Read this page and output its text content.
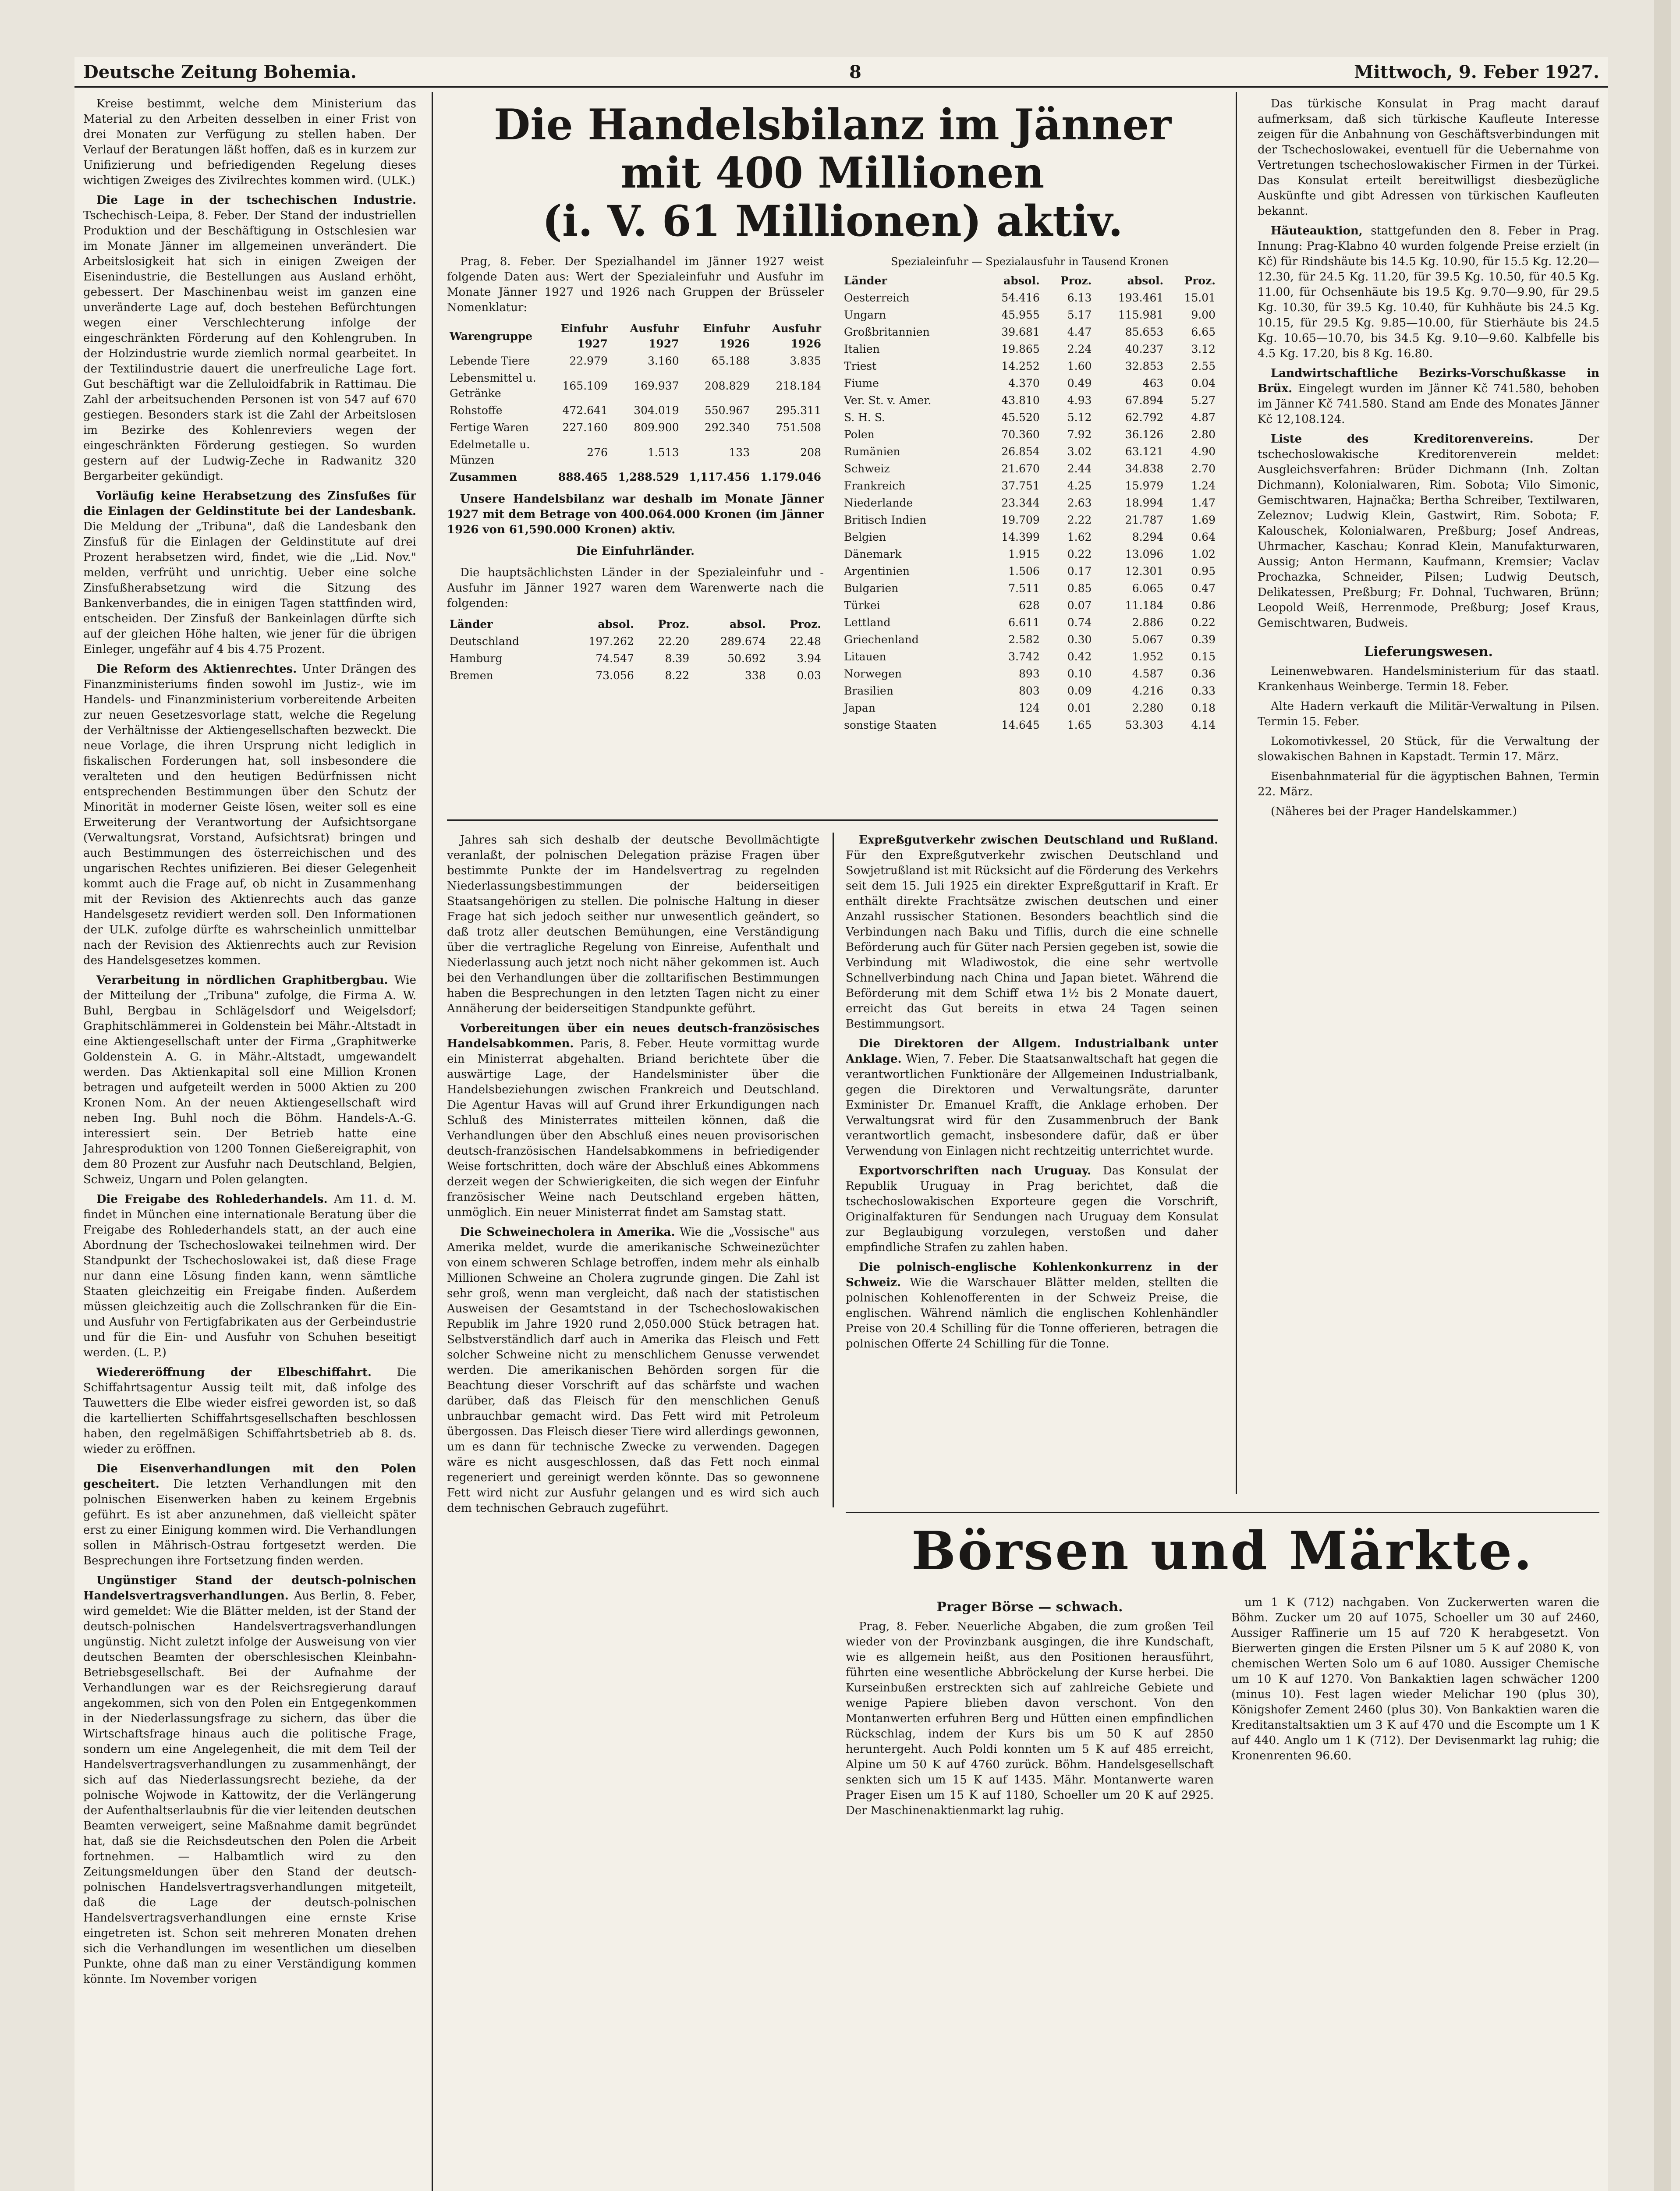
Deutsche Zeitung Bohemia.	8	Mittwoch, 9. Feber 1927.

Kreise bestimmt, welche dem Ministerium das Material zu den Arbeiten desselben in einer Frist von drei Monaten zur Verfügung zu stellen haben. Der Verlauf der Beratungen läßt hoffen, daß es in kurzem zur Unifizierung und befriedigenden Regelung dieses wichtigen Zweiges des Zivilrechtes kommen wird. (ULK.)

Die Lage in der tschechischen Industrie. Tschechisch-Leipa, 8. Feber. Der Stand der industriellen Produktion und der Beschäftigung in Ostschlesien war im Monate Jänner im allgemeinen unverändert. Die Arbeitslosigkeit hat sich in einigen Zweigen der Eisenindustrie, die Bestellungen aus Ausland erhöht, gebessert. Der Maschinenbau weist im ganzen eine unveränderte Lage auf, doch bestehen Befürchtungen wegen einer Verschlechterung infolge der eingeschränkten Förderung auf den Kohlengruben. In der Holzindustrie wurde ziemlich normal gearbeitet. In der Textilindustrie dauert die unerfreuliche Lage fort. Gut beschäftigt war die Zelluloidfabrik in Rattimau. Die Zahl der arbeitsuchenden Personen ist von 547 auf 670 gestiegen. Besonders stark ist die Zahl der Arbeitslosen im Bezirke des Kohlenreviers wegen der eingeschränkten Förderung gestiegen. So wurden gestern auf der Ludwig-Zeche in Radwanitz 320 Bergarbeiter gekündigt.

Vorläufig keine Herabsetzung des Zinsfußes für die Einlagen der Geldinstitute bei der Landesbank. Die Meldung der „Tribuna", daß die Landesbank den Zinsfuß für die Einlagen der Geldinstitute auf drei Prozent herabsetzen wird, findet, wie die „Lid. Nov." melden, verfrüht und unrichtig. Ueber eine solche Zinsfußherabsetzung wird die Sitzung des Bankenverbandes, die in einigen Tagen stattfinden wird, entscheiden. Der Zinsfuß der Bankeinlagen dürfte sich auf der gleichen Höhe halten, wie jener für die übrigen Einleger, ungefähr auf 4 bis 4.75 Prozent.

Die Reform des Aktienrechtes. Unter Drängen des Finanzministeriums finden sowohl im Justiz-, wie im Handels- und Finanzministerium vorbereitende Arbeiten zur neuen Gesetzesvorlage statt, welche die Regelung der Verhältnisse der Aktiengesellschaften bezweckt. Die neue Vorlage, die ihren Ursprung nicht lediglich in fiskalischen Forderungen hat, soll insbesondere die veralteten und den heutigen Bedürfnissen nicht entsprechenden Bestimmungen über den Schutz der Minorität in moderner Geiste lösen, weiter soll es eine Erweiterung der Verantwortung der Aufsichtsorgane (Verwaltungsrat, Vorstand, Aufsichtsrat) bringen und auch Bestimmungen des österreichischen und des ungarischen Rechtes unifizieren. Bei dieser Gelegenheit kommt auch die Frage auf, ob nicht in Zusammenhang mit der Revision des Aktienrechts auch das ganze Handelsgesetz revidiert werden soll. Den Informationen der ULK. zufolge dürfte es wahrscheinlich unmittelbar nach der Revision des Aktienrechts auch zur Revision des Handelsgesetzes kommen.

Verarbeitung in nördlichen Graphitbergbau. Wie der Mitteilung der „Tribuna" zufolge, die Firma A. W. Buhl, Bergbau in Schlägelsdorf und Weigelsdorf; Graphitschlämmerei in Goldenstein bei Mähr.-Altstadt in eine Aktiengesellschaft unter der Firma „Graphitwerke Goldenstein A. G. in Mähr.-Altstadt, umgewandelt werden. Das Aktienkapital soll eine Million Kronen betragen und aufgeteilt werden in 5000 Aktien zu 200 Kronen Nom. An der neuen Aktiengesellschaft wird neben Ing. Buhl noch die Böhm. Handels-A.-G. interessiert sein. Der Betrieb hatte eine Jahresproduktion von 1200 Tonnen Gießereigraphit, von dem 80 Prozent zur Ausfuhr nach Deutschland, Belgien, Schweiz, Ungarn und Polen gelangten.

Die Freigabe des Rohlederhandels. Am 11. d. M. findet in München eine internationale Beratung über die Freigabe des Rohlederhandels statt, an der auch eine Abordnung der Tschechoslowakei teilnehmen wird. Der Standpunkt der Tschechoslowakei ist, daß diese Frage nur dann eine Lösung finden kann, wenn sämtliche Staaten gleichzeitig ein Freigabe finden. Außerdem müssen gleichzeitig auch die Zollschranken für die Ein- und Ausfuhr von Fertigfabrikaten aus der Gerbeindustrie und für die Ein- und Ausfuhr von Schuhen beseitigt werden. (L. P.)

Wiedereröffnung der Elbeschiffahrt. Die Schiffahrtsagentur Aussig teilt mit, daß infolge des Tauwetters die Elbe wieder eisfrei geworden ist, so daß die kartellierten Schiffahrtsgesellschaften beschlossen haben, den regelmäßigen Schiffahrtsbetrieb ab 8. ds. wieder zu eröffnen.

Die Eisenverhandlungen mit den Polen gescheitert. Die letzten Verhandlungen mit den polnischen Eisenwerken haben zu keinem Ergebnis geführt. Es ist aber anzunehmen, daß vielleicht später erst zu einer Einigung kommen wird. Die Verhandlungen sollen in Mährisch-Ostrau fortgesetzt werden. Die Besprechungen ihre Fortsetzung finden werden.

Ungünstiger Stand der deutsch-polnischen Handelsvertragsverhandlungen. Aus Berlin, 8. Feber, wird gemeldet: Wie die Blätter melden, ist der Stand der deutsch-polnischen Handelsvertragsverhandlungen ungünstig. Nicht zuletzt infolge der Ausweisung von vier deutschen Beamten der oberschlesischen Kleinbahn-Betriebsgesellschaft. Bei der Aufnahme der Verhandlungen war es der Reichsregierung darauf angekommen, sich von den Polen ein Entgegenkommen in der Niederlassungsfrage zu sichern, das über die Wirtschaftsfrage hinaus auch die politische Frage, sondern um eine Angelegenheit, die mit dem Teil der Handelsvertragsverhandlungen zu zusammenhängt, der sich auf das Niederlassungsrecht beziehe, da der polnische Wojwode in Kattowitz, der die Verlängerung der Aufenthaltserlaubnis für die vier leitenden deutschen Beamten verweigert, seine Maßnahme damit begründet hat, daß sie die Reichsdeutschen den Polen die Arbeit fortnehmen. — Halbamtlich wird zu den Zeitungsmeldungen über den Stand der deutsch-polnischen Handelsvertragsverhandlungen mitgeteilt, daß die Lage der deutsch-polnischen Handelsvertragsverhandlungen eine ernste Krise eingetreten ist. Schon seit mehreren Monaten drehen sich die Verhandlungen im wesentlichen um dieselben Punkte, ohne daß man zu einer Verständigung kommen könnte. Im November vorigen

Die Handelsbilanz im Jänner mit 400 Millionen
(i. V. 61 Millionen) aktiv.

Prag, 8. Feber. Der Spezialhandel im Jänner 1927 weist folgende Daten aus: Wert der Spezialeinfuhr und Ausfuhr im Monate Jänner 1927 und 1926 nach Gruppen der Brüsseler Nomenklatur:

Warengruppe	Einfuhr 1927	Ausfuhr 1927	Einfuhr 1926	Ausfuhr 1926
Lebende Tiere	22.979	3.160	65.188	3.835
Lebensmittel u. Getränke	165.109	169.937	208.829	218.184
Rohstoffe	472.641	304.019	550.967	295.311
Fertige Waren	227.160	809.900	292.340	751.508
Edelmetalle u. Münzen	276	1.513	133	208
Zusammen	888.465	1,288.529	1,117.456	1.179.046

Unsere Handelsbilanz war deshalb im Monate Jänner 1927 mit dem Betrage von 400.064.000 Kronen (im Jänner 1926 von 61,590.000 Kronen) aktiv.

Die Einfuhrländer.

Die hauptsächlichsten Länder in der Spezialeinfuhr und -Ausfuhr im Jänner 1927 waren dem Warenwerte nach die folgenden:

Länder	absol.	Proz.	absol.	Proz.
Deutschland	197.262	22.20	289.674	22.48
Hamburg	74.547	8.39	50.692	3.94
Bremen	73.056	8.22	338	0.03
Spezialeinfuhr — Spezialausfuhr in Tausend Kronen
Länder	absol.	Proz.	absol.	Proz.
Oesterreich	54.416	6.13	193.461	15.01
Ungarn	45.955	5.17	115.981	9.00
Großbritannien	39.681	4.47	85.653	6.65
Italien	19.865	2.24	40.237	3.12
Triest	14.252	1.60	32.853	2.55
Fiume	4.370	0.49	463	0.04
Ver. St. v. Amer.	43.810	4.93	67.894	5.27
S. H. S.	45.520	5.12	62.792	4.87
Polen	70.360	7.92	36.126	2.80
Rumänien	26.854	3.02	63.121	4.90
Schweiz	21.670	2.44	34.838	2.70
Frankreich	37.751	4.25	15.979	1.24
Niederlande	23.344	2.63	18.994	1.47
Britisch Indien	19.709	2.22	21.787	1.69
Belgien	14.399	1.62	8.294	0.64
Dänemark	1.915	0.22	13.096	1.02
Argentinien	1.506	0.17	12.301	0.95
Bulgarien	7.511	0.85	6.065	0.47
Türkei	628	0.07	11.184	0.86
Lettland	6.611	0.74	2.886	0.22
Griechenland	2.582	0.30	5.067	0.39
Litauen	3.742	0.42	1.952	0.15
Norwegen	893	0.10	4.587	0.36
Brasilien	803	0.09	4.216	0.33
Japan	124	0.01	2.280	0.18
sonstige Staaten	14.645	1.65	53.303	4.14

Jahres sah sich deshalb der deutsche Bevollmächtigte veranlaßt, der polnischen Delegation präzise Fragen über bestimmte Punkte der im Handelsvertrag zu regelnden Niederlassungsbestimmungen der beiderseitigen Staatsangehörigen zu stellen. Die polnische Haltung in dieser Frage hat sich jedoch seither nur unwesentlich geändert, so daß trotz aller deutschen Bemühungen, eine Verständigung über die vertragliche Regelung von Einreise, Aufenthalt und Niederlassung auch jetzt noch nicht näher gekommen ist. Auch bei den Verhandlungen über die zolltarifischen Bestimmungen haben die Besprechungen in den letzten Tagen nicht zu einer Annäherung der beiderseitigen Standpunkte geführt.

Vorbereitungen über ein neues deutsch-französisches Handelsabkommen. Paris, 8. Feber. Heute vormittag wurde ein Ministerrat abgehalten. Briand berichtete über die auswärtige Lage, der Handelsminister über die Handelsbeziehungen zwischen Frankreich und Deutschland. Die Agentur Havas will auf Grund ihrer Erkundigungen nach Schluß des Ministerrates mitteilen können, daß die Verhandlungen über den Abschluß eines neuen provisorischen deutsch-französischen Handelsabkommens in befriedigender Weise fortschritten, doch wäre der Abschluß eines Abkommens derzeit wegen der Schwierigkeiten, die sich wegen der Einfuhr französischer Weine nach Deutschland ergeben hätten, unmöglich. Ein neuer Ministerrat findet am Samstag statt.

Die Schweinecholera in Amerika. Wie die „Vossische" aus Amerika meldet, wurde die amerikanische Schweinezüchter von einem schweren Schlage betroffen, indem mehr als einhalb Millionen Schweine an Cholera zugrunde gingen. Die Zahl ist sehr groß, wenn man vergleicht, daß nach der statistischen Ausweisen der Gesamtstand in der Tschechoslowakischen Republik im Jahre 1920 rund 2,050.000 Stück betragen hat. Selbstverständlich darf auch in Amerika das Fleisch und Fett solcher Schweine nicht zu menschlichem Genusse verwendet werden. Die amerikanischen Behörden sorgen für die Beachtung dieser Vorschrift auf das schärfste und wachen darüber, daß das Fleisch für den menschlichen Genuß unbrauchbar gemacht wird. Das Fett wird mit Petroleum übergossen. Das Fleisch dieser Tiere wird allerdings gewonnen, um es dann für technische Zwecke zu verwenden. Dagegen wäre es nicht ausgeschlossen, daß das Fett noch einmal regeneriert und gereinigt werden könnte. Das so gewonnene Fett wird nicht zur Ausfuhr gelangen und es wird sich auch dem technischen Gebrauch zugeführt.

Expreßgutverkehr zwischen Deutschland und Rußland. Für den Expreßgutverkehr zwischen Deutschland und Sowjetrußland ist mit Rücksicht auf die Förderung des Verkehrs seit dem 15. Juli 1925 ein direkter Expreßguttarif in Kraft. Er enthält direkte Frachtsätze zwischen deutschen und einer Anzahl russischer Stationen. Besonders beachtlich sind die Verbindungen nach Baku und Tiflis, durch die eine schnelle Beförderung auch für Güter nach Persien gegeben ist, sowie die Verbindung mit Wladiwostok, die eine sehr wertvolle Schnellverbindung nach China und Japan bietet. Während die Beförderung mit dem Schiff etwa 1½ bis 2 Monate dauert, erreicht das Gut bereits in etwa 24 Tagen seinen Bestimmungsort.

Die Direktoren der Allgem. Industrialbank unter Anklage. Wien, 7. Feber. Die Staatsanwaltschaft hat gegen die verantwortlichen Funktionäre der Allgemeinen Industrialbank, gegen die Direktoren und Verwaltungsräte, darunter Exminister Dr. Emanuel Krafft, die Anklage erhoben. Der Verwaltungsrat wird für den Zusammenbruch der Bank verantwortlich gemacht, insbesondere dafür, daß er über Verwendung von Einlagen nicht rechtzeitig unterrichtet wurde.

Exportvorschriften nach Uruguay. Das Konsulat der Republik Uruguay in Prag berichtet, daß die tschechoslowakischen Exporteure gegen die Vorschrift, Originalfakturen für Sendungen nach Uruguay dem Konsulat zur Beglaubigung vorzulegen, verstoßen und daher empfindliche Strafen zu zahlen haben.

Die polnisch-englische Kohlenkonkurrenz in der Schweiz. Wie die Warschauer Blätter melden, stellten die polnischen Kohlenofferenten in der Schweiz Preise, die englischen. Während nämlich die englischen Kohlenhändler Preise von 20.4 Schilling für die Tonne offerieren, betragen die polnischen Offerte 24 Schilling für die Tonne.

Das türkische Konsulat in Prag macht darauf aufmerksam, daß sich türkische Kaufleute Interesse zeigen für die Anbahnung von Geschäftsverbindungen mit der Tschechoslowakei, eventuell für die Uebernahme von Vertretungen tschechoslowakischer Firmen in der Türkei. Das Konsulat erteilt bereitwilligst diesbezügliche Auskünfte und gibt Adressen von türkischen Kaufleuten bekannt.

Häuteauktion, stattgefunden den 8. Feber in Prag. Innung: Prag-Klabno 40 wurden folgende Preise erzielt (in Kč) für Rindshäute bis 14.5 Kg. 10.90, für 15.5 Kg. 12.20—12.30, für 24.5 Kg. 11.20, für 39.5 Kg. 10.50, für 40.5 Kg. 11.00, für Ochsenhäute bis 19.5 Kg. 9.70—9.90, für 29.5 Kg. 10.30, für 39.5 Kg. 10.40, für Kuhhäute bis 24.5 Kg. 10.15, für 29.5 Kg. 9.85—10.00, für Stierhäute bis 24.5 Kg. 10.65—10.70, bis 34.5 Kg. 9.10—9.60. Kalbfelle bis 4.5 Kg. 17.20, bis 8 Kg. 16.80.

Landwirtschaftliche Bezirks-Vorschußkasse in Brüx. Eingelegt wurden im Jänner Kč 741.580, behoben im Jänner Kč 741.580. Stand am Ende des Monates Jänner Kč 12,108.124.

Liste des Kreditorenvereins.	Der tschechoslowakische Kreditorenverein meldet: Ausgleichsverfahren: Brüder Dichmann (Inh. Zoltan Dichmann), Kolonialwaren, Rim. Sobota; Vilo Simonic, Gemischtwaren, Hajnačka; Bertha Schreiber, Textilwaren, Zeleznov; Ludwig Klein, Gastwirt, Rim. Sobota; F. Kalouschek, Kolonialwaren, Preßburg; Josef Andreas, Uhrmacher, Kaschau; Konrad Klein, Manufakturwaren, Aussig; Anton Hermann, Kaufmann, Kremsier; Vaclav Prochazka, Schneider, Pilsen; Ludwig Deutsch, Delikatessen, Preßburg; Fr. Dohnal, Tuchwaren, Brünn; Leopold Weiß, Herrenmode, Preßburg; Josef Kraus, Gemischtwaren, Budweis.

Lieferungswesen.

Leinenwebwaren. Handelsministerium für das staatl. Krankenhaus Weinberge. Termin 18. Feber.

Alte Hadern verkauft die Militär-Verwaltung in Pilsen. Termin 15. Feber.

Lokomotivkessel, 20 Stück, für die Verwaltung der slowakischen Bahnen in Kapstadt. Termin 17. März.

Eisenbahnmaterial für die ägyptischen Bahnen, Termin 22. März.

(Näheres bei der Prager Handelskammer.)

Börsen und Märkte.
Prager Börse — schwach.

Prag, 8. Feber. Neuerliche Abgaben, die zum großen Teil wieder von der Provinzbank ausgingen, die ihre Kundschaft, wie es allgemein heißt, aus den Positionen herausführt, führten eine wesentliche Abbröckelung der Kurse herbei. Die Kurseinbußen erstreckten sich auf zahlreiche Gebiete und wenige Papiere blieben davon verschont. Von den Montanwerten erfuhren Berg und Hütten einen empfindlichen Rückschlag, indem der Kurs bis um 50 K auf 2850 heruntergeht. Auch Poldi konnten um 5 K auf 485 erreicht, Alpine um 50 K auf 4760 zurück. Böhm. Handelsgesellschaft senkten sich um 15 K auf 1435. Mähr. Montanwerte waren Prager Eisen um 15 K auf 1180, Schoeller um 20 K auf 2925. Der Maschinenaktienmarkt lag ruhig.

um 1 K (712) nachgaben. Von Zuckerwerten waren die Böhm. Zucker um 20 auf 1075, Schoeller um 30 auf 2460, Aussiger Raffinerie um 15 auf 720 K herabgesetzt. Von Bierwerten gingen die Ersten Pilsner um 5 K auf 2080 K, von chemischen Werten Solo um 6 auf 1080. Aussiger Chemische um 10 K auf 1270. Von Bankaktien lagen schwächer 1200 (minus 10). Fest lagen wieder Melichar 190 (plus 30), Königshofer Zement 2460 (plus 30). Von Bankaktien waren die Kreditanstaltsaktien um 3 K auf 470 und die Escompte um 1 K auf 440. Anglo um 1 K (712). Der Devisenmarkt lag ruhig; die Kronenrenten 96.60.
